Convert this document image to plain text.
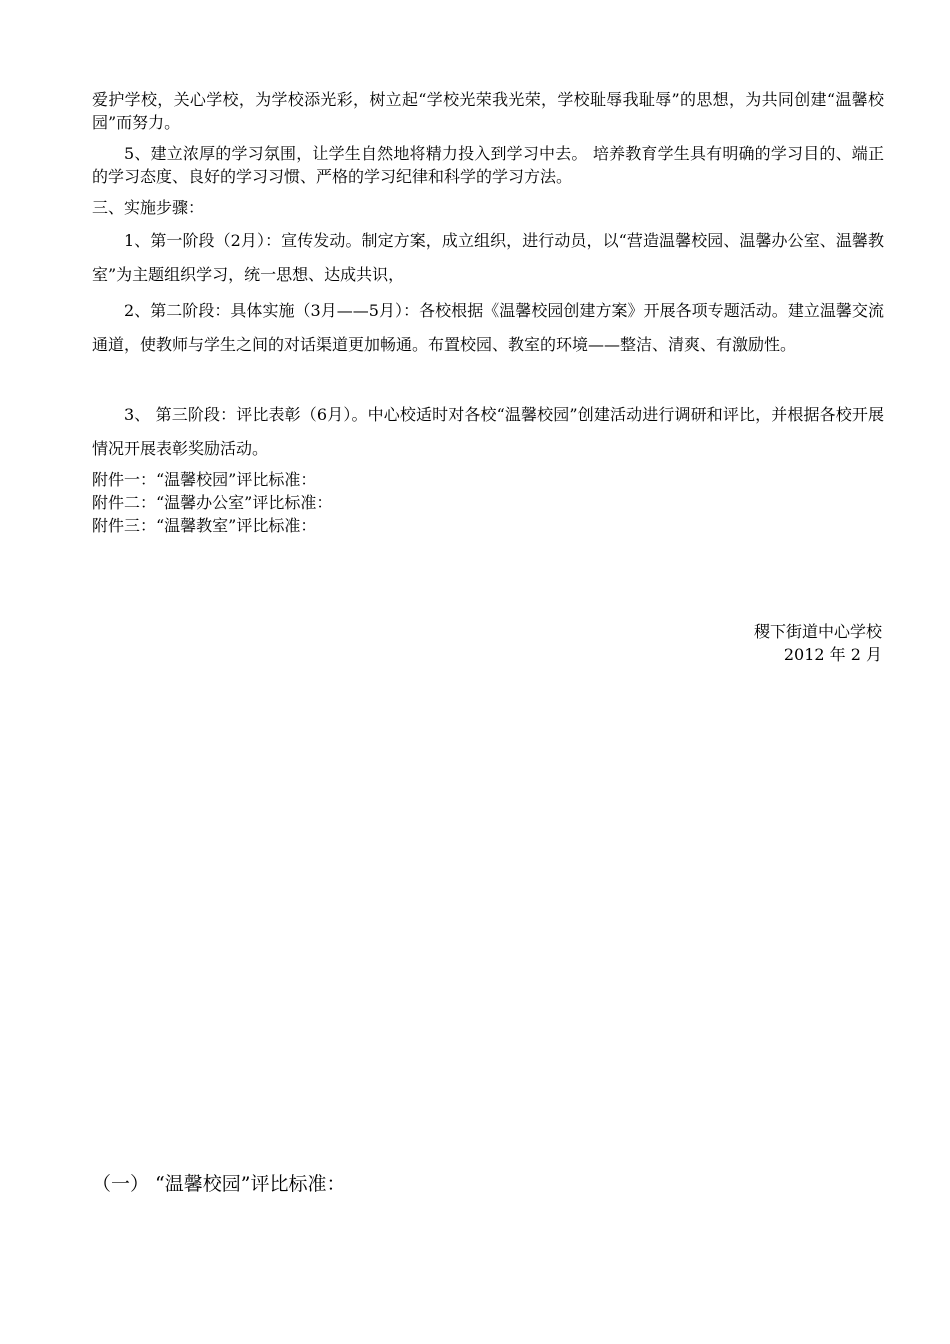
爱护学校，关心学校，为学校添光彩，树立起“学校光荣我光荣，学校耻辱我耻辱”的思想，为共同创建“温馨校园”而努力。

5、建立浓厚的学习氛围，让学生自然地将精力投入到学习中去。 培养教育学生具有明确的学习目的、端正的学习态度、良好的学习习惯、严格的学习纪律和科学的学习方法。

三、实施步骤：

1、第一阶段（2月）：宣传发动。制定方案，成立组织，进行动员，以“营造温馨校园、温馨办公室、温馨教室”为主题组织学习，统一思想、达成共识，

2、第二阶段：具体实施（3月——5月）：各校根据《温馨校园创建方案》开展各项专题活动。建立温馨交流通道，使教师与学生之间的对话渠道更加畅通。布置校园、教室的环境——整洁、清爽、有激励性。

3、 第三阶段：评比表彰（6月）。中心校适时对各校“温馨校园”创建活动进行调研和评比，并根据各校开展情况开展表彰奖励活动。

附件一：“温馨校园”评比标准：

附件二：“温馨办公室”评比标准：

附件三：“温馨教室”评比标准：

稷下街道中心学校

2012 年 2 月

（一） “温馨校园”评比标准：
